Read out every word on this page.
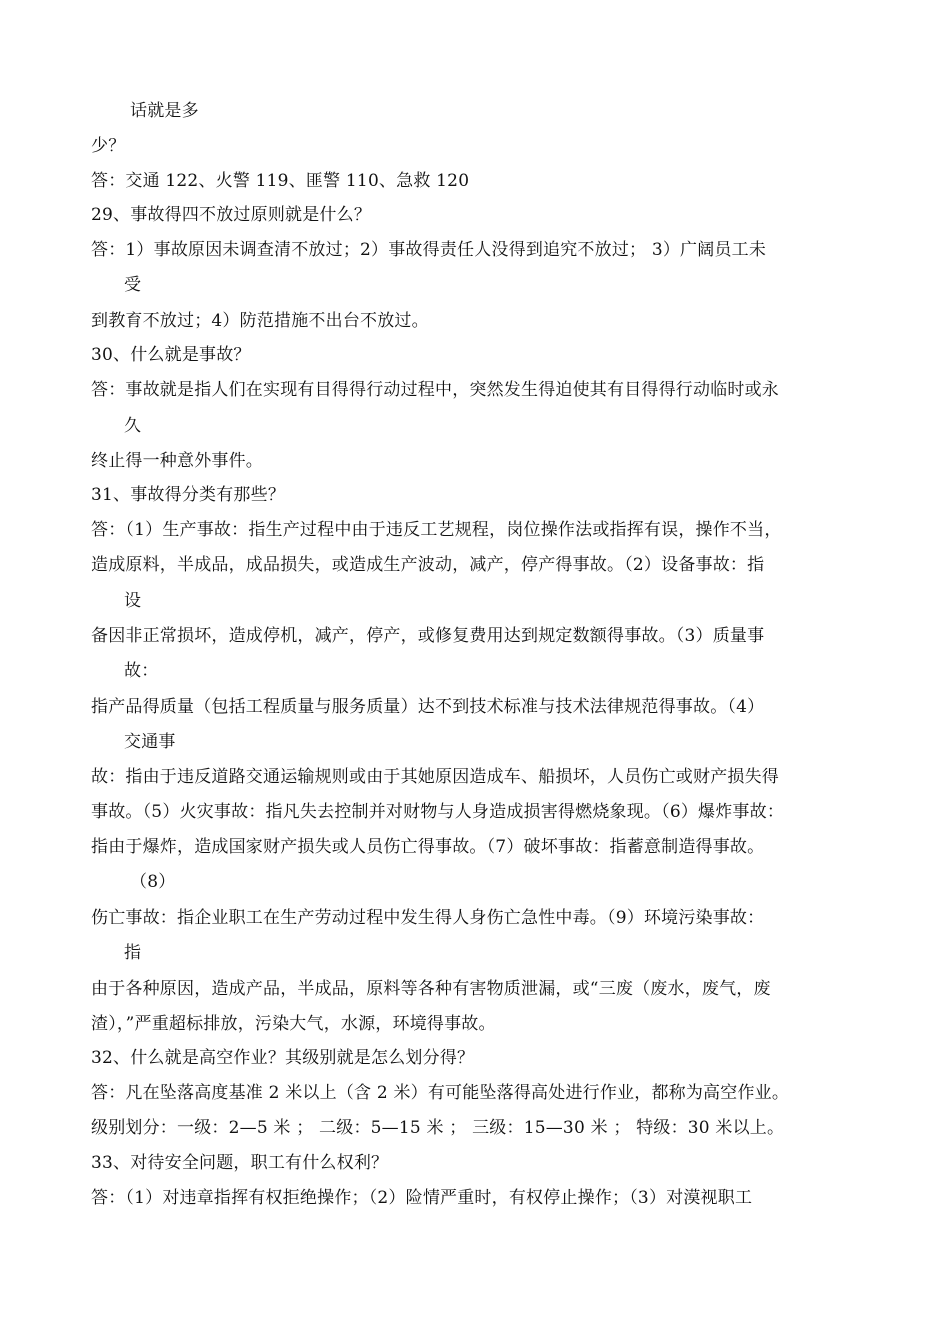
话就是多
少？
答：交通 122、火警 119、匪警 110、急救 120
29、事故得四不放过原则就是什么？
答：1）事故原因未调查清不放过；2）事故得责任人没得到追究不放过； 3）广阔员工未
受
到教育不放过；4）防范措施不出台不放过。
30、什么就是事故？
答：事故就是指人们在实现有目得得行动过程中，突然发生得迫使其有目得得行动临时或永
久
终止得一种意外事件。
31、事故得分类有那些？
答：（1）生产事故：指生产过程中由于违反工艺规程，岗位操作法或指挥有误，操作不当，
造成原料，半成品，成品损失，或造成生产波动，减产，停产得事故。（2）设备事故：指
设
备因非正常损坏，造成停机，减产，停产，或修复费用达到规定数额得事故。（3）质量事
故：
指产品得质量（包括工程质量与服务质量）达不到技术标准与技术法律规范得事故。（4）
交通事
故：指由于违反道路交通运输规则或由于其她原因造成车、船损坏，人员伤亡或财产损失得
事故。（5）火灾事故：指凡失去控制并对财物与人身造成损害得燃烧象现。（6）爆炸事故：
指由于爆炸，造成国家财产损失或人员伤亡得事故。（7）破坏事故：指蓄意制造得事故。
（8）
伤亡事故：指企业职工在生产劳动过程中发生得人身伤亡急性中毒。（9）环境污染事故：
指
由于各种原因，造成产品，半成品，原料等各种有害物质泄漏，或“三废（废水，废气，废
渣），”严重超标排放，污染大气，水源，环境得事故。
32、什么就是高空作业？其级别就是怎么划分得？
答：凡在坠落高度基准 2 米以上（含 2 米）有可能坠落得高处进行作业，都称为高空作业。
级别划分：一级：2—5 米 ； 二级：5—15 米 ； 三级：15—30 米 ； 特级：30 米以上。
33、对待安全问题，职工有什么权利？
答：（1）对违章指挥有权拒绝操作；（2）险情严重时，有权停止操作；（3）对漠视职工
